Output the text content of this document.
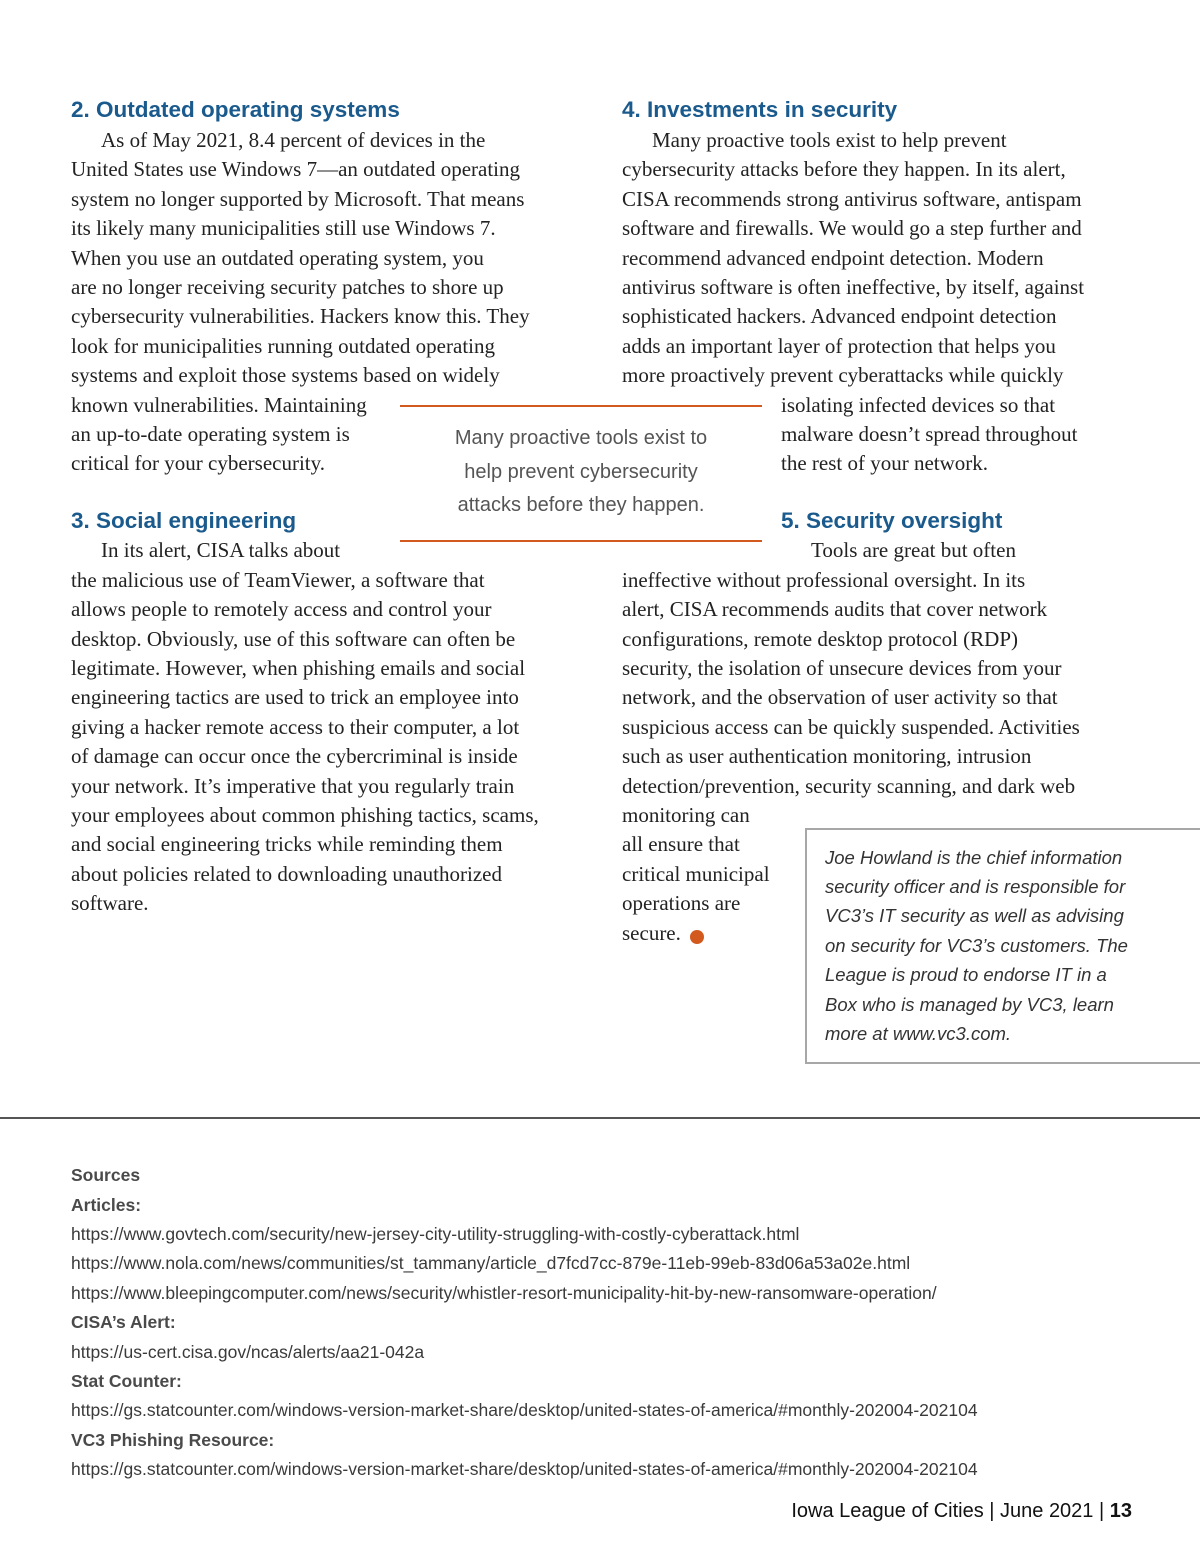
2. Outdated operating systems
As of May 2021, 8.4 percent of devices in the
United States use Windows 7—an outdated operating
system no longer supported by Microsoft. That means
its likely many municipalities still use Windows 7.
When you use an outdated operating system, you
are no longer receiving security patches to shore up
cybersecurity vulnerabilities. Hackers know this. They
look for municipalities running outdated operating
systems and exploit those systems based on widely
known vulnerabilities. Maintaining
an up-to-date operating system is
critical for your cybersecurity.
3. Social engineering
In its alert, CISA talks about
the malicious use of TeamViewer, a software that
allows people to remotely access and control your
desktop. Obviously, use of this software can often be
legitimate. However, when phishing emails and social
engineering tactics are used to trick an employee into
giving a hacker remote access to their computer, a lot
of damage can occur once the cybercriminal is inside
your network. It’s imperative that you regularly train
your employees about common phishing tactics, scams,
and social engineering tricks while reminding them
about policies related to downloading unauthorized
software.
4. Investments in security
Many proactive tools exist to help prevent
cybersecurity attacks before they happen. In its alert,
CISA recommends strong antivirus software, antispam
software and firewalls. We would go a step further and
recommend advanced endpoint detection. Modern
antivirus software is often ineffective, by itself, against
sophisticated hackers. Advanced endpoint detection
adds an important layer of protection that helps you
more proactively prevent cyberattacks while quickly
isolating infected devices so that
malware doesn’t spread throughout
the rest of your network.
5. Security oversight
Tools are great but often
ineffective without professional oversight. In its
alert, CISA recommends audits that cover network
configurations, remote desktop protocol (RDP)
security, the isolation of unsecure devices from your
network, and the observation of user activity so that
suspicious access can be quickly suspended. Activities
such as user authentication monitoring, intrusion
detection/prevention, security scanning, and dark web
monitoring can
all ensure that
critical municipal
operations are
secure.
Many proactive tools exist to
help prevent cybersecurity
attacks before they happen.
Joe Howland is the chief information
security officer and is responsible for
VC3’s IT security as well as advising
on security for VC3’s customers. The
League is proud to endorse IT in a
Box who is managed by VC3, learn
more at www.vc3.com.
Sources
Articles:
https://www.govtech.com/security/new-jersey-city-utility-struggling-with-costly-cyberattack.html
https://www.nola.com/news/communities/st_tammany/article_d7fcd7cc-879e-11eb-99eb-83d06a53a02e.html
https://www.bleepingcomputer.com/news/security/whistler-resort-municipality-hit-by-new-ransomware-operation/
CISA’s Alert:
https://us-cert.cisa.gov/ncas/alerts/aa21-042a
Stat Counter:
https://gs.statcounter.com/windows-version-market-share/desktop/united-states-of-america/#monthly-202004-202104
VC3 Phishing Resource:
https://gs.statcounter.com/windows-version-market-share/desktop/united-states-of-america/#monthly-202004-202104
Iowa League of Cities | June 2021 | 13
